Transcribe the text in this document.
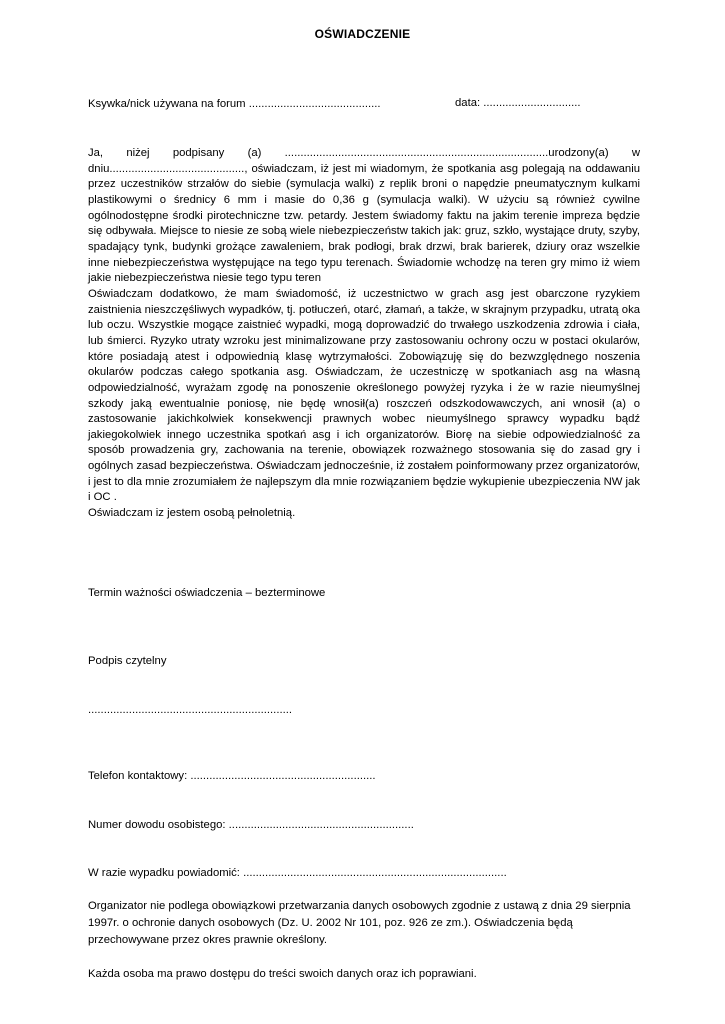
OŚWIADCZENIE
Ksywka/nick używana na forum ..........................................	data: ...............................

Ja, niżej podpisany (a) ....................................................................................urodzony(a) w dniu..........................................., oświadczam, iż jest mi wiadomym, że spotkania asg polegają na oddawaniu przez uczestników strzałów do siebie (symulacja walki) z replik broni o napędzie pneumatycznym kulkami plastikowymi o średnicy 6 mm i masie do 0,36 g (symulacja walki). W użyciu są również cywilne ogólnodostępne środki pirotechniczne tzw. petardy. Jestem świadomy faktu na jakim terenie impreza będzie się odbywała. Miejsce to niesie ze sobą wiele niebezpieczeństw takich jak: gruz, szkło, wystające druty, szyby, spadający tynk, budynki grożące zawaleniem, brak podłogi, brak drzwi, brak barierek, dziury oraz wszelkie inne niebezpieczeństwa występujące na tego typu terenach. Świadomie wchodzę na teren gry mimo iż wiem jakie niebezpieczeństwa niesie tego typu teren

Oświadczam dodatkowo, że mam świadomość, iż uczestnictwo w grach asg jest obarczone ryzykiem zaistnienia nieszczęśliwych wypadków, tj. potłuczeń, otarć, złamań, a także, w skrajnym przypadku, utratą oka lub oczu. Wszystkie mogące zaistnieć wypadki, mogą doprowadzić do trwałego uszkodzenia zdrowia i ciała, lub śmierci. Ryzyko utraty wzroku jest minimalizowane przy zastosowaniu ochrony oczu w postaci okularów, które posiadają atest i odpowiednią klasę wytrzymałości. Zobowiązuję się do bezwzględnego noszenia okularów podczas całego spotkania asg. Oświadczam, że uczestniczę w spotkaniach asg na własną odpowiedzialność, wyrażam zgodę na ponoszenie określonego powyżej ryzyka i że w razie nieumyślnej szkody jaką ewentualnie poniosę, nie będę wnosił(a) roszczeń odszkodowawczych, ani wnosił (a) o zastosowanie jakichkolwiek konsekwencji prawnych wobec nieumyślnego sprawcy wypadku bądź jakiegokolwiek innego uczestnika spotkań asg i ich organizatorów. Biorę na siebie odpowiedzialność za sposób prowadzenia gry, zachowania na terenie, obowiązek rozważnego stosowania się do zasad gry i ogólnych zasad bezpieczeństwa. Oświadczam jednocześnie, iż zostałem poinformowany przez organizatorów, i jest to dla mnie zrozumiałem że najlepszym dla mnie rozwiązaniem będzie wykupienie ubezpieczenia NW jak i OC .

Oświadczam iz jestem osobą pełnoletnią.

Termin ważności oświadczenia – bezterminowe
Podpis czytelny
.................................................................
Telefon kontaktowy: ...........................................................
Numer dowodu osobistego: ...........................................................
W razie wypadku powiadomić: ....................................................................................

Organizator nie podlega obowiązkowi przetwarzania danych osobowych zgodnie z ustawą z dnia 29 sierpnia 1997r. o ochronie danych osobowych (Dz. U. 2002 Nr 101, poz. 926 ze zm.). Oświadczenia będą przechowywane przez okres prawnie określony.

Każda osoba ma prawo dostępu do treści swoich danych oraz ich poprawiani.
